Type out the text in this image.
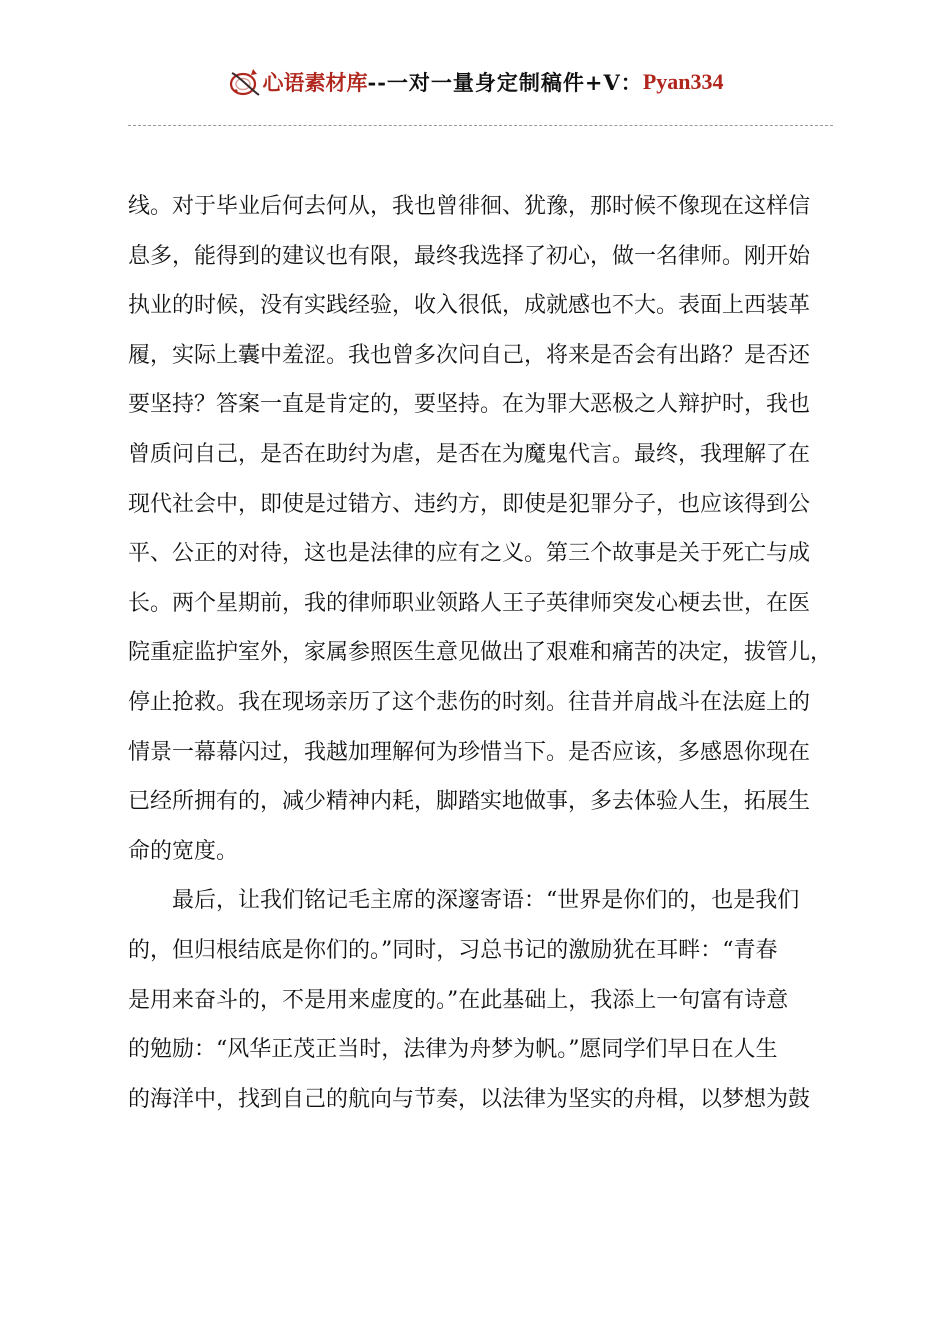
心语素材库 --一对一量身定制稿件+V： Pyan334
线。对于毕业后何去何从，我也曾徘徊、犹豫，那时候不像现在这样信
息多，能得到的建议也有限，最终我选择了初心，做一名律师。刚开始
执业的时候，没有实践经验，收入很低，成就感也不大。表面上西装革
履，实际上囊中羞涩。我也曾多次问自己，将来是否会有出路？是否还
要坚持？答案一直是肯定的，要坚持。在为罪大恶极之人辩护时，我也
曾质问自己，是否在助纣为虐，是否在为魔鬼代言。最终，我理解了在
现代社会中，即使是过错方、违约方，即使是犯罪分子，也应该得到公
平、公正的对待，这也是法律的应有之义。第三个故事是关于死亡与成
长。两个星期前，我的律师职业领路人王子英律师突发心梗去世，在医
院重症监护室外，家属参照医生意见做出了艰难和痛苦的决定，拔管儿，
停止抢救。我在现场亲历了这个悲伤的时刻。往昔并肩战斗在法庭上的
情景一幕幕闪过，我越加理解何为珍惜当下。是否应该，多感恩你现在
已经所拥有的，减少精神内耗，脚踏实地做事，多去体验人生，拓展生
命的宽度。
最后，让我们铭记毛主席的深邃寄语：“世界是你们的，也是我们
的，但归根结底是你们的。”同时，习总书记的激励犹在耳畔：“青春
是用来奋斗的，不是用来虚度的。”在此基础上，我添上一句富有诗意
的勉励：“风华正茂正当时，法律为舟梦为帆。”愿同学们早日在人生
的海洋中，找到自己的航向与节奏，以法律为坚实的舟楫，以梦想为鼓
